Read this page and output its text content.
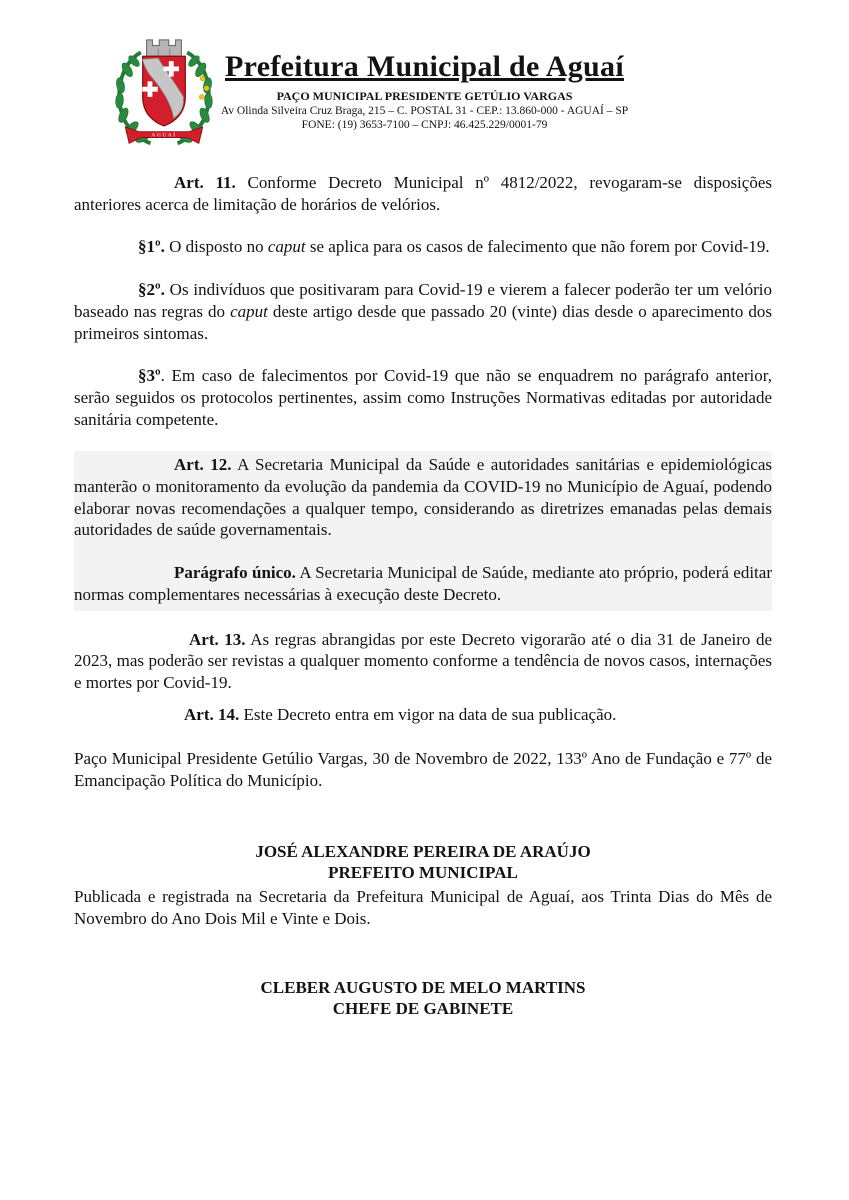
AGUAÍ
Prefeitura Municipal de Aguaí
PAÇO MUNICIPAL PRESIDENTE GETÚLIO VARGAS
Av Olinda Silveira Cruz Braga, 215 – C. POSTAL 31 - CEP.: 13.860-000 - AGUAÍ – SP
FONE: (19) 3653-7100 – CNPJ: 46.425.229/0001-79

Art. 11. Conforme Decreto Municipal nº 4812/2022, revogaram-se disposições anteriores acerca de limitação de horários de velórios.

§1º. O disposto no caput se aplica para os casos de falecimento que não forem por Covid-19.

§2º. Os indivíduos que positivaram para Covid-19 e vierem a falecer poderão ter um velório baseado nas regras do caput deste artigo desde que passado 20 (vinte) dias desde o aparecimento dos primeiros sintomas.

§3º. Em caso de falecimentos por Covid-19 que não se enquadrem no parágrafo anterior, serão seguidos os protocolos pertinentes, assim como Instruções Normativas editadas por autoridade sanitária competente.

Art. 12. A Secretaria Municipal da Saúde e autoridades sanitárias e epidemiológicas manterão o monitoramento da evolução da pandemia da COVID-19 no Município de Aguaí, podendo elaborar novas recomendações a qualquer tempo, considerando as diretrizes emanadas pelas demais autoridades de saúde governamentais.

Parágrafo único. A Secretaria Municipal de Saúde, mediante ato próprio, poderá editar normas complementares necessárias à execução deste Decreto.

Art. 13. As regras abrangidas por este Decreto vigorarão até o dia 31 de Janeiro de 2023, mas poderão ser revistas a qualquer momento conforme a tendência de novos casos, internações e mortes por Covid-19.

Art. 14. Este Decreto entra em vigor na data de sua publicação.

Paço Municipal Presidente Getúlio Vargas, 30 de Novembro de 2022, 133º Ano de Fundação e 77º de Emancipação Política do Município.

JOSÉ ALEXANDRE PEREIRA DE ARAÚJO
PREFEITO MUNICIPAL

Publicada e registrada na Secretaria da Prefeitura Municipal de Aguaí, aos Trinta Dias do Mês de Novembro do Ano Dois Mil e Vinte e Dois.

CLEBER AUGUSTO DE MELO MARTINS
CHEFE DE GABINETE
